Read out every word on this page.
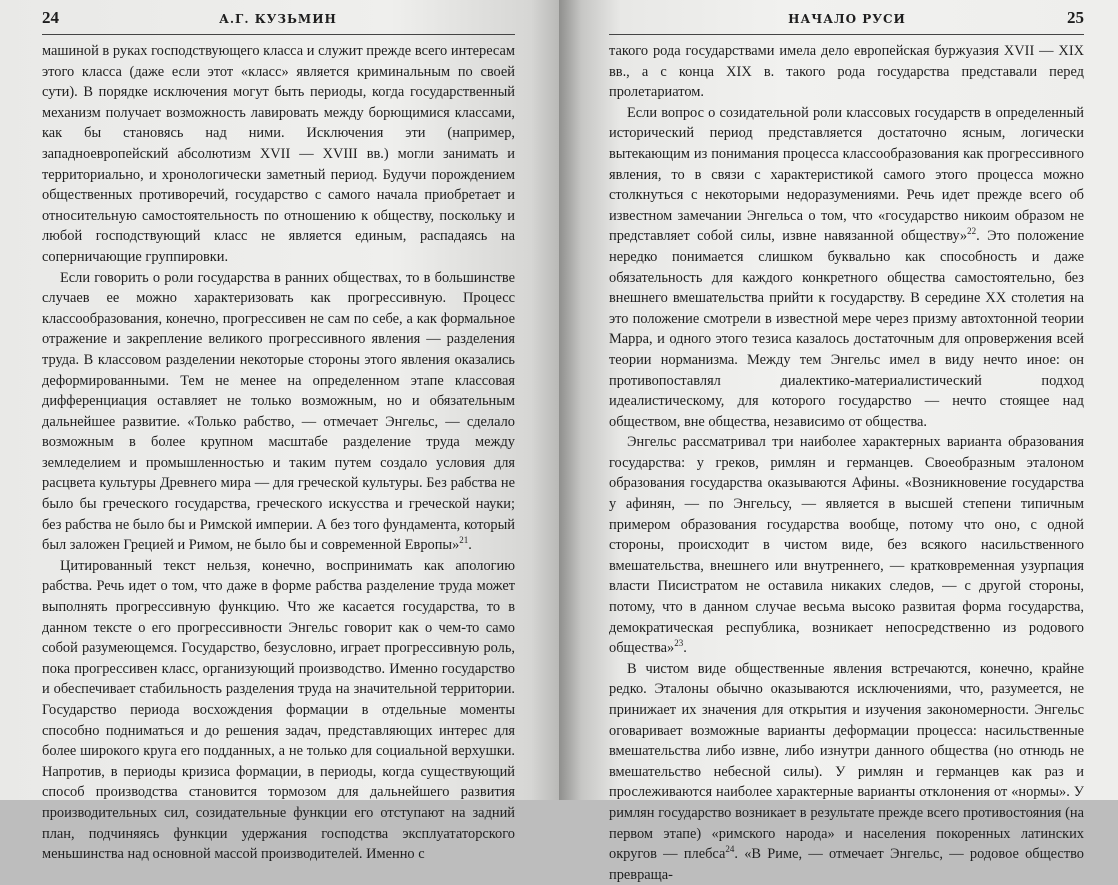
24	А.Г. КУЗЬМИН

машиной в руках господствующего класса и служит прежде всего интересам этого класса (даже если этот «класс» является криминальным по своей сути). В порядке исключения могут быть периоды, когда государственный механизм получает возможность лавировать между борющимися классами, как бы становясь над ними. Исключения эти (например, западноевропейский абсолютизм XVII — XVIII вв.) могли занимать и территориально, и хронологически заметный период. Будучи порождением общественных противоречий, государство с самого начала приобретает и относительную самостоятельность по отношению к обществу, поскольку и любой господствующий класс не является единым, распадаясь на соперничающие группировки.

Если говорить о роли государства в ранних обществах, то в большинстве случаев ее можно характеризовать как прогрессивную. Процесс классообразования, конечно, прогрессивен не сам по себе, а как формальное отражение и закрепление великого прогрессивного явления — разделения труда. В классовом разделении некоторые стороны этого явления оказались деформированными. Тем не менее на определенном этапе классовая дифференциация оставляет не только возможным, но и обязательным дальнейшее развитие. «Только рабство, — отмечает Энгельс, — сделало возможным в более крупном масштабе разделение труда между земледелием и промышленностью и таким путем создало условия для расцвета культуры Древнего мира — для греческой культуры. Без рабства не было бы греческого государства, греческого искусства и греческой науки; без рабства не было бы и Римской империи. А без того фундамента, который был заложен Грецией и Римом, не было бы и современной Европы»$^{21}$.

Цитированный текст нельзя, конечно, воспринимать как апологию рабства. Речь идет о том, что даже в форме рабства разделение труда может выполнять прогрессивную функцию. Что же касается государства, то в данном тексте о его прогрессивности Энгельс говорит как о чем-то само собой разумеющемся. Государство, безусловно, играет прогрессивную роль, пока прогрессивен класс, организующий производство. Именно государство и обеспечивает стабильность разделения труда на значительной территории. Государство периода восхождения формации в отдельные моменты способно подниматься и до решения задач, представляющих интерес для более широкого круга его подданных, а не только для социальной верхушки. Напротив, в периоды кризиса формации, в периоды, когда существующий способ производства становится тормозом для дальнейшего развития производительных сил, созидательные функции его отступают на задний план, подчиняясь функции удержания господства эксплуататорского меньшинства над основной массой производителей. Именно с

НАЧАЛО РУСИ	25

такого рода государствами имела дело европейская буржуазия XVII — XIX вв., а с конца XIX в. такого рода государства представали перед пролетариатом.

Если вопрос о созидательной роли классовых государств в определенный исторический период представляется достаточно ясным, логически вытекающим из понимания процесса классообразования как прогрессивного явления, то в связи с характеристикой самого этого процесса можно столкнуться с некоторыми недоразумениями. Речь идет прежде всего об известном замечании Энгельса о том, что «государство никоим образом не представляет собой силы, извне навязанной обществу»$^{22}$. Это положение нередко понимается слишком буквально как способность и даже обязательность для каждого конкретного общества самостоятельно, без внешнего вмешательства прийти к государству. В середине XX столетия на это положение смотрели в известной мере через призму автохтонной теории Марра, и одного этого тезиса казалось достаточным для опровержения всей теории норманизма. Между тем Энгельс имел в виду нечто иное: он противопоставлял диалектико-материалистический подход идеалистическому, для которого государство — нечто стоящее над обществом, вне общества, независимо от общества.

Энгельс рассматривал три наиболее характерных варианта образования государства: у греков, римлян и германцев. Своеобразным эталоном образования государства оказываются Афины. «Возникновение государства у афинян, — по Энгельсу, — является в высшей степени типичным примером образования государства вообще, потому что оно, с одной стороны, происходит в чистом виде, без всякого насильственного вмешательства, внешнего или внутреннего, — кратковременная узурпация власти Писистратом не оставила никаких следов, — с другой стороны, потому, что в данном случае весьма высоко развитая форма государства, демократическая республика, возникает непосредственно из родового общества»$^{23}$.

В чистом виде общественные явления встречаются, конечно, крайне редко. Эталоны обычно оказываются исключениями, что, разумеется, не принижает их значения для открытия и изучения закономерности. Энгельс оговаривает возможные варианты деформации процесса: насильственные вмешательства либо извне, либо изнутри данного общества (но отнюдь не вмешательство небесной силы). У римлян и германцев как раз и прослеживаются наиболее характерные варианты отклонения от «нормы». У римлян государство возникает в результате прежде всего противостояния (на первом этапе) «римского народа» и населения покоренных латинских округов — плебса$^{24}$. «В Риме, — отмечает Энгельс, — родовое общество превраща-
